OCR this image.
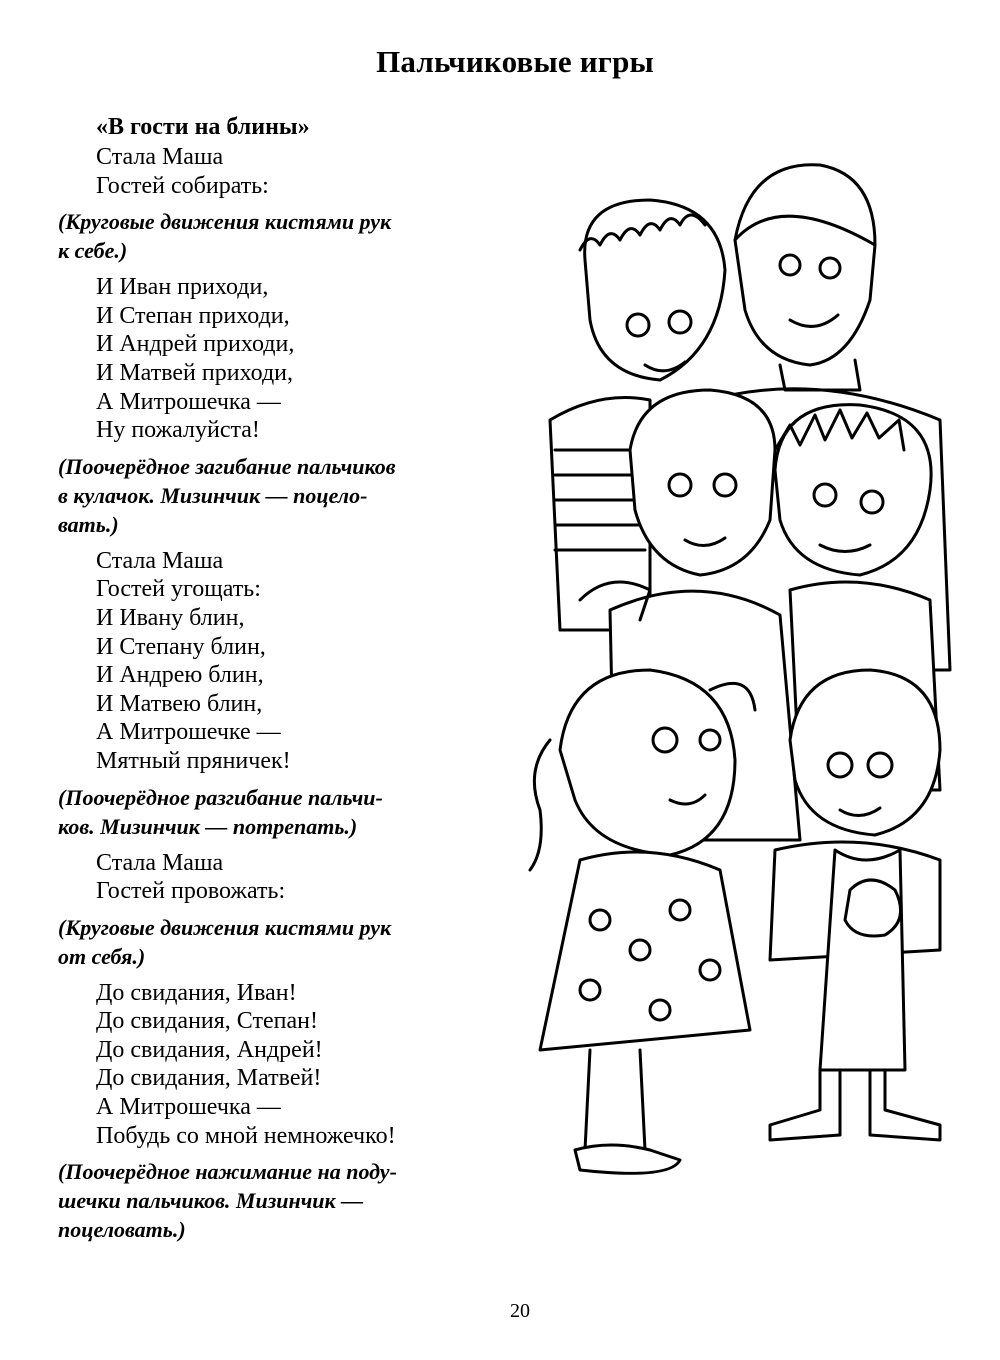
Пальчиковые игры
«В гости на блины»
Стала Маша
Гостей собирать:
(Круговые движения кистями рук
к себе.)
И Иван приходи,
И Степан приходи,
И Андрей приходи,
И Матвей приходи,
А Митрошечка —
Ну пожалуйста!
(Поочерёдное загибание пальчиков
в кулачок. Мизинчик — поцело-
вать.)
Стала Маша
Гостей угощать:
И Ивану блин,
И Степану блин,
И Андрею блин,
И Матвею блин,
А Митрошечке —
Мятный пряничек!
(Поочерёдное разгибание пальчи-
ков. Мизинчик — потрепать.)
Стала Маша
Гостей провожать:
(Круговые движения кистями рук
от себя.)
До свидания, Иван!
До свидания, Степан!
До свидания, Андрей!
До свидания, Матвей!
А Митрошечка —
Побудь со мной немножечко!
(Поочерёдное нажимание на поду-
шечки пальчиков. Мизинчик —
поцеловать.)
20
